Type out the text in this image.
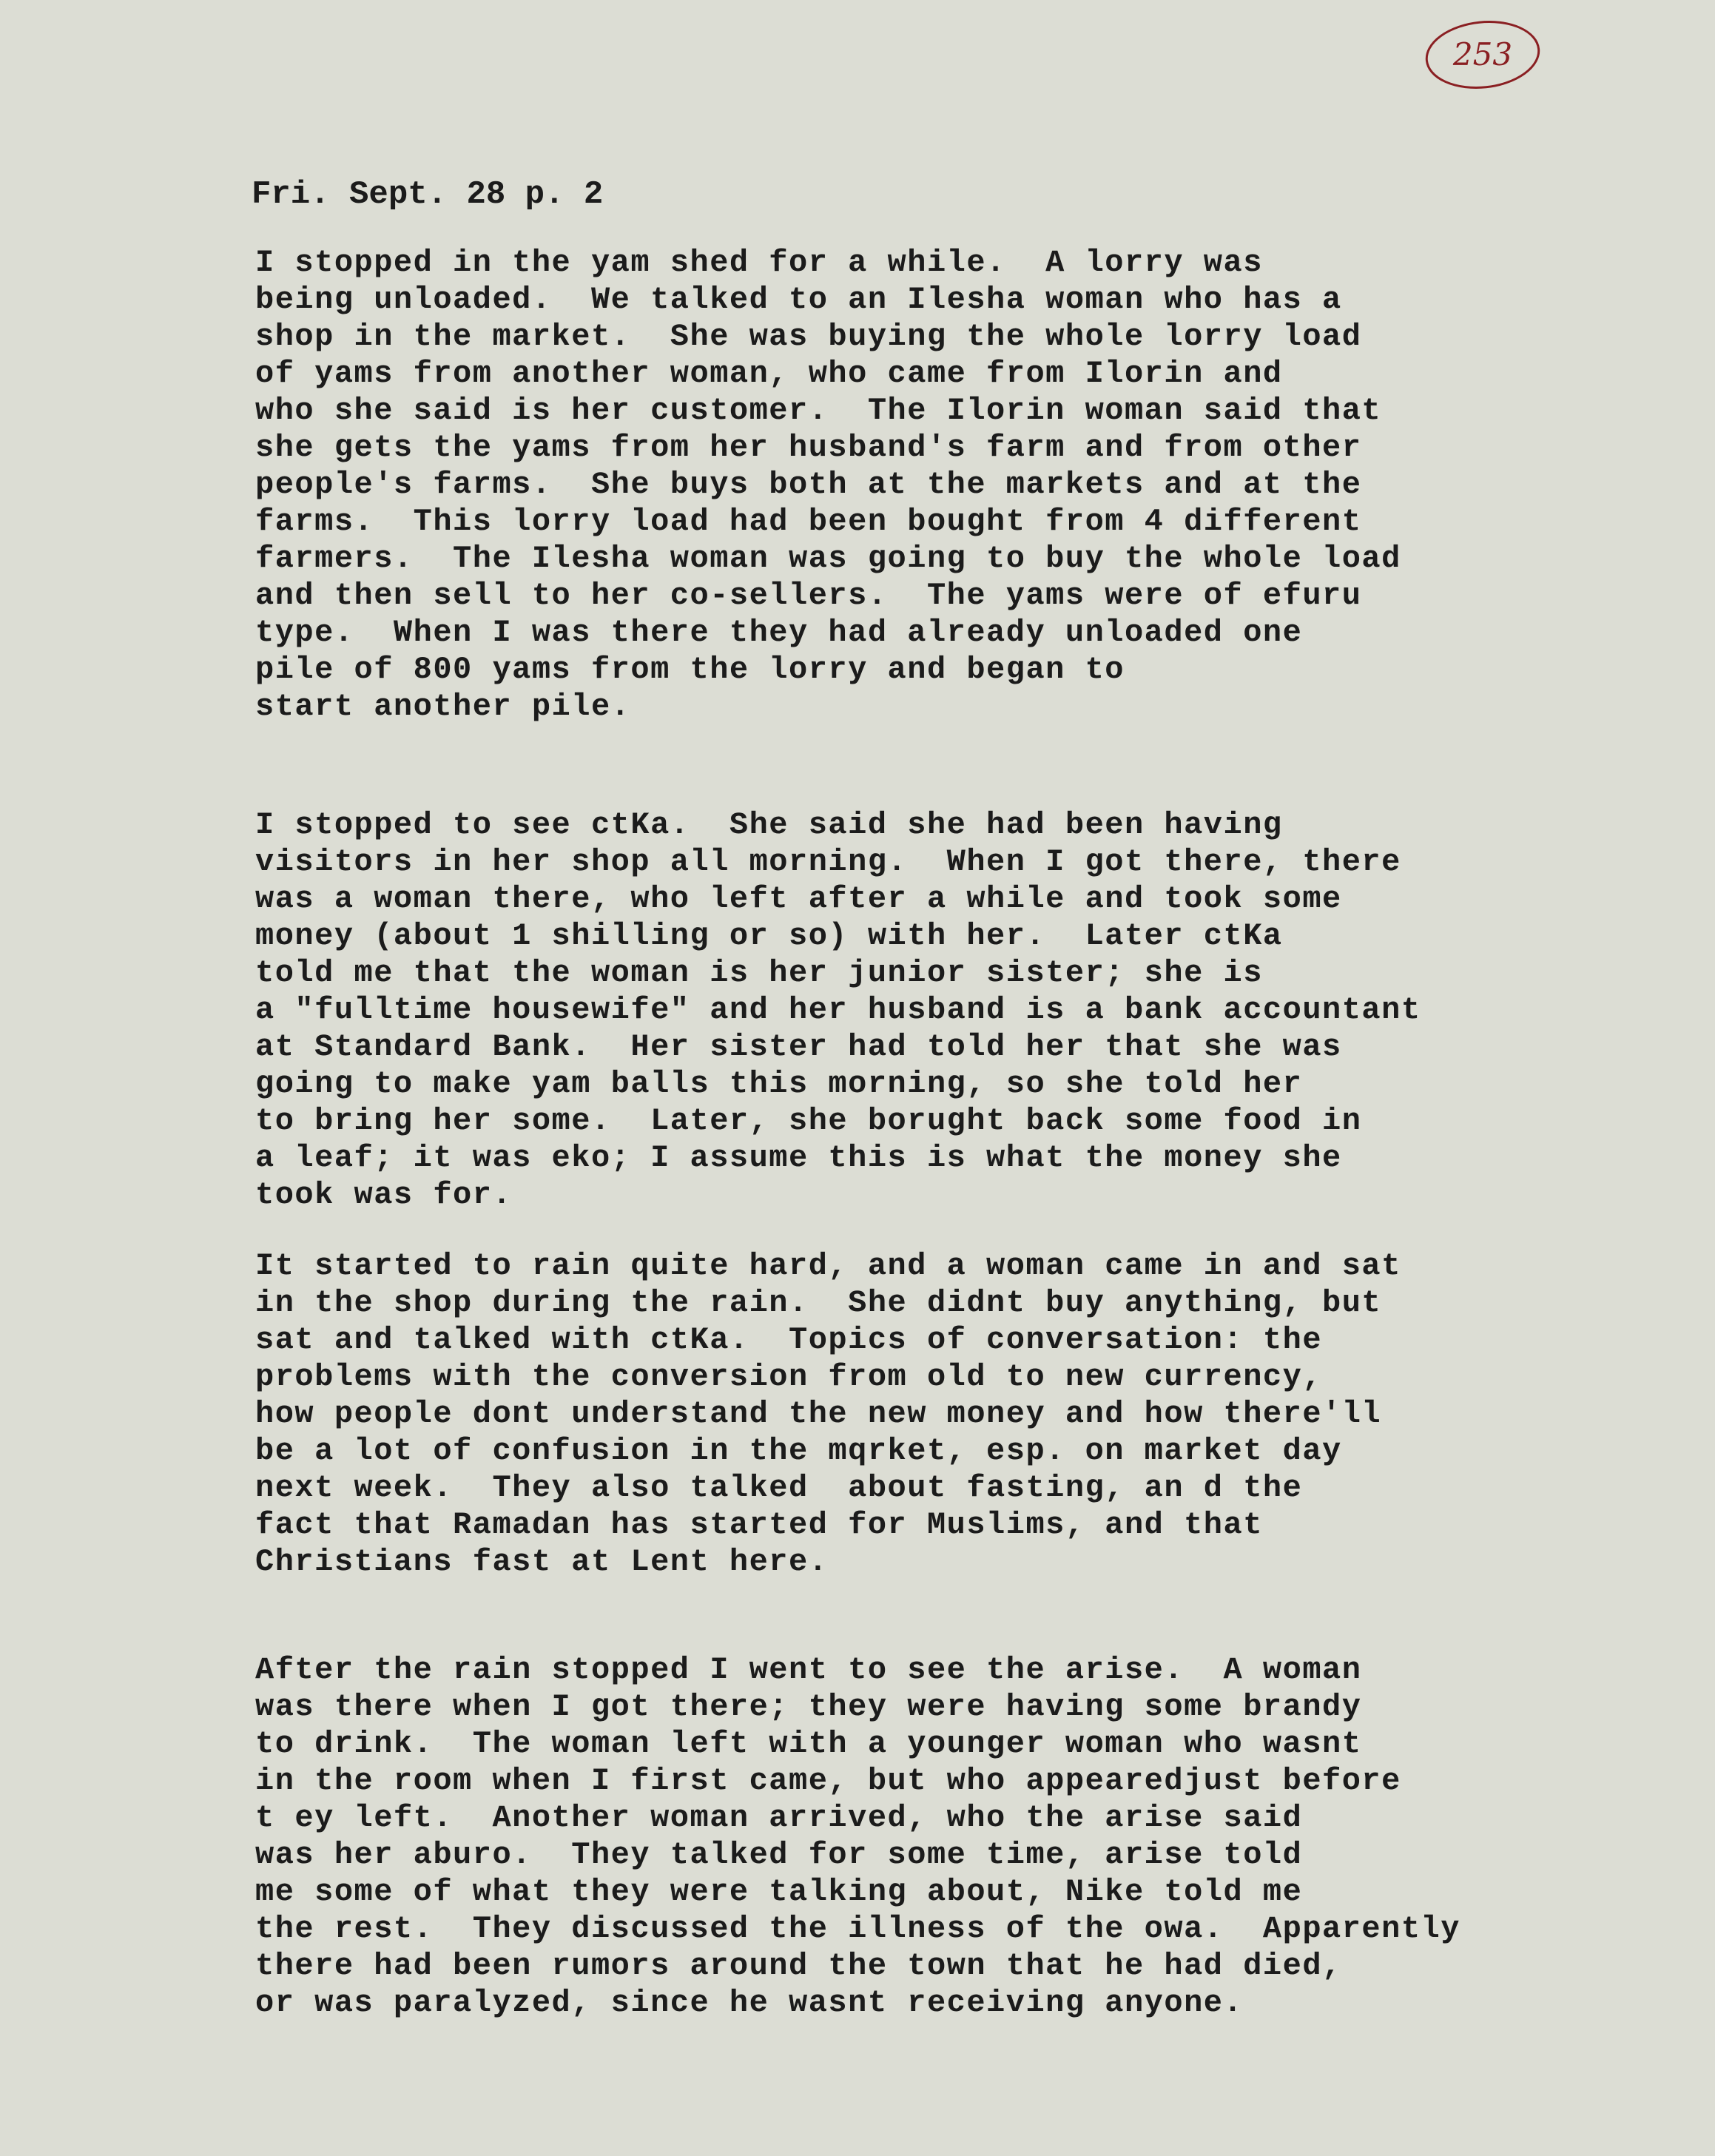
253
Fri. Sept. 28 p. 2
I stopped in the yam shed for a while.  A lorry was
being unloaded.  We talked to an Ilesha woman who has a
shop in the market.  She was buying the whole lorry load
of yams from another woman, who came from Ilorin and
who she said is her customer.  The Ilorin woman said that
she gets the yams from her husband's farm and from other
people's farms.  She buys both at the markets and at the
farms.  This lorry load had been bought from 4 different
farmers.  The Ilesha woman was going to buy the whole load
and then sell to her co-sellers.  The yams were of efuru
type.  When I was there they had already unloaded one
pile of 800 yams from the lorry and began to
start another pile.
I stopped to see ctKa.  She said she had been having
visitors in her shop all morning.  When I got there, there
was a woman there, who left after a while and took some
money (about 1 shilling or so) with her.  Later ctKa
told me that the woman is her junior sister; she is
a "fulltime housewife" and her husband is a bank accountant
at Standard Bank.  Her sister had told her that she was
going to make yam balls this morning, so she told her
to bring her some.  Later, she borught back some food in
a leaf; it was eko; I assume this is what the money she
took was for.
It started to rain quite hard, and a woman came in and sat
in the shop during the rain.  She didnt buy anything, but
sat and talked with ctKa.  Topics of conversation: the
problems with the conversion from old to new currency,
how people dont understand the new money and how there'll
be a lot of confusion in the mqrket, esp. on market day
next week.  They also talked  about fasting, an d the
fact that Ramadan has started for Muslims, and that
Christians fast at Lent here.
After the rain stopped I went to see the arise.  A woman
was there when I got there; they were having some brandy
to drink.  The woman left with a younger woman who wasnt
in the room when I first came, but who appearedjust before
t ey left.  Another woman arrived, who the arise said
was her aburo.  They talked for some time, arise told
me some of what they were talking about, Nike told me
the rest.  They discussed the illness of the owa.  Apparently
there had been rumors around the town that he had died,
or was paralyzed, since he wasnt receiving anyone.
